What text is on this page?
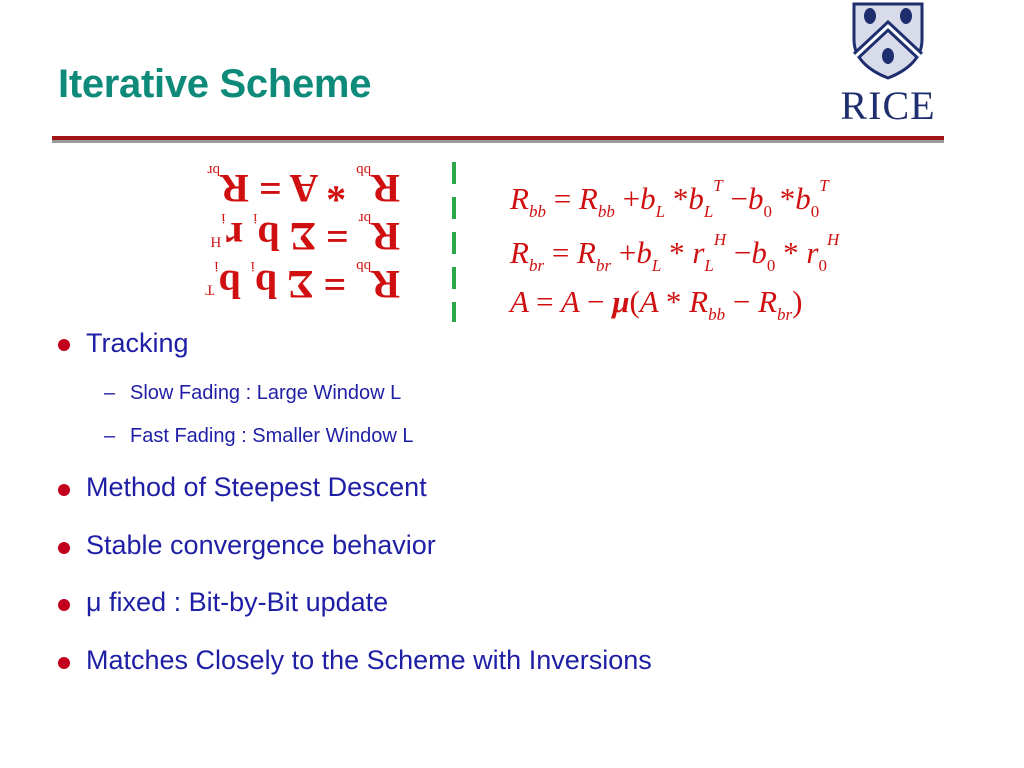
Iterative Scheme	RICE
$R_{bb} = \Sigma$ $b_i$ $b_i^T$
$R_{br} = \Sigma$ $b_i$ $r_i^H$
$R_{bb} * A = R_{br}$
$R_{bb} = R_{bb} +b_L$ $*b_L^T -b_0$ $*b_0^T$
$R_{br} = R_{br} +b_L * r_L^H -b_0 * r_0^H$
$A = A - \mu(A * R_{bb} - R_{br})$
Tracking
– Slow Fading : Large Window L
– Fast Fading : Smaller Window L
Method of Steepest Descent
Stable convergence behavior
μ fixed : Bit-by-Bit update
Matches Closely to the Scheme with Inversions
